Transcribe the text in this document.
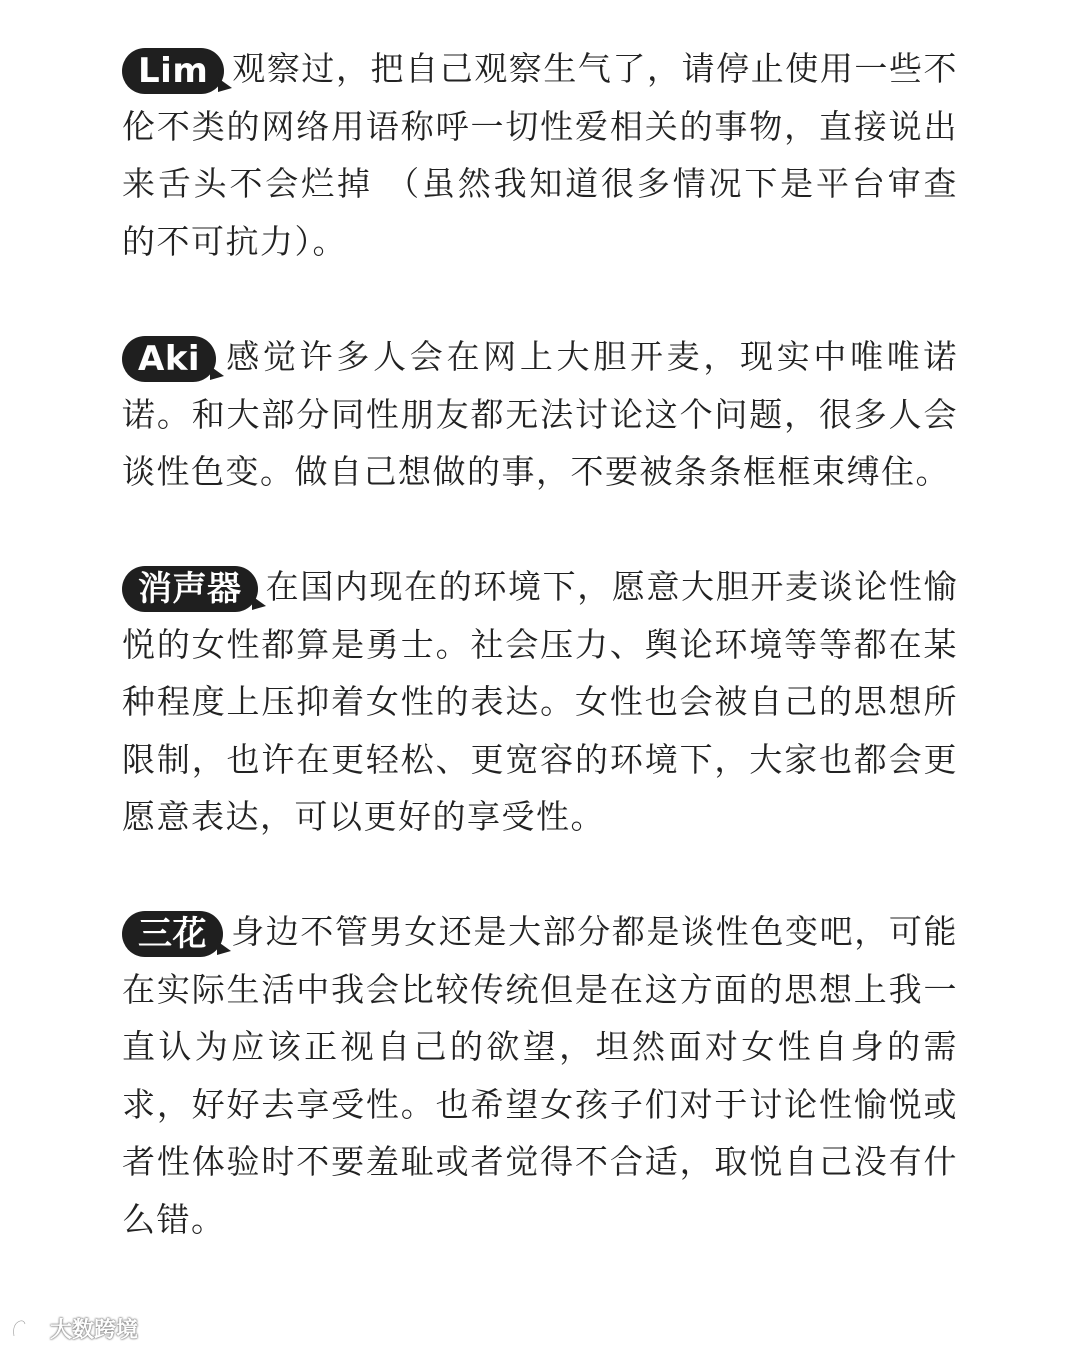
Lim 观察过，把自己观察生气了，请停止使用一些不伦不类的网络用语称呼一切性爱相关的事物，直接说出来舌头不会烂掉 （虽然我知道很多情况下是平台审查的不可抗力）。

Aki 感觉许多人会在网上大胆开麦，现实中唯唯诺诺。和大部分同性朋友都无法讨论这个问题，很多人会谈性色变。做自己想做的事，不要被条条框框束缚住。

消声器 在国内现在的环境下，愿意大胆开麦谈论性愉悦的女性都算是勇士。社会压力、舆论环境等等都在某种程度上压抑着女性的表达。女性也会被自己的思想所限制，也许在更轻松、更宽容的环境下，大家也都会更愿意表达，可以更好的享受性。

三花 身边不管男女还是大部分都是谈性色变吧，可能在实际生活中我会比较传统但是在这方面的思想上我一直认为应该正视自己的欲望，坦然面对女性自身的需求，好好去享受性。也希望女孩子们对于讨论性愉悦或者性体验时不要羞耻或者觉得不合适，取悦自己没有什么错。

大数跨境
